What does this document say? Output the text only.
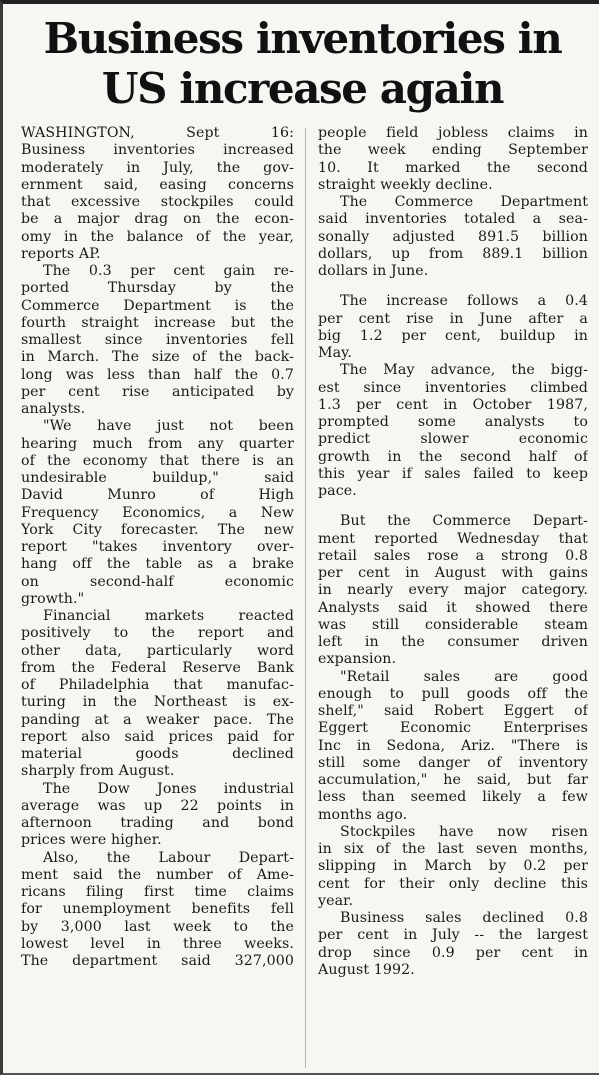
Business inventories in
US increase again
WASHINGTON, Sept 16:
Business inventories increased
moderately in July, the gov-
ernment said, easing concerns
that excessive stockpiles could
be a major drag on the econ-
omy in the balance of the year,
reports AP.
The 0.3 per cent gain re-
ported Thursday by the
Commerce Department is the
fourth straight increase but the
smallest since inventories fell
in March. The size of the back-
long was less than half the 0.7
per cent rise anticipated by
analysts.
"We have just not been
hearing much from any quarter
of the economy that there is an
undesirable buildup," said
David Munro of High
Frequency Economics, a New
York City forecaster. The new
report "takes inventory over-
hang off the table as a brake
on second-half economic
growth."
Financial markets reacted
positively to the report and
other data, particularly word
from the Federal Reserve Bank
of Philadelphia that manufac-
turing in the Northeast is ex-
panding at a weaker pace. The
report also said prices paid for
material goods declined
sharply from August.
The Dow Jones industrial
average was up 22 points in
afternoon trading and bond
prices were higher.
Also, the Labour Depart-
ment said the number of Ame-
ricans filing first time claims
for unemployment benefits fell
by 3,000 last week to the
lowest level in three weeks.
The department said 327,000
people field jobless claims in
the week ending September
10. It marked the second
straight weekly decline.
The Commerce Department
said inventories totaled a sea-
sonally adjusted 891.5 billion
dollars, up from 889.1 billion
dollars in June.
The increase follows a 0.4
per cent rise in June after a
big 1.2 per cent, buildup in
May.
The May advance, the bigg-
est since inventories climbed
1.3 per cent in October 1987,
prompted some analysts to
predict slower economic
growth in the second half of
this year if sales failed to keep
pace.
But the Commerce Depart-
ment reported Wednesday that
retail sales rose a strong 0.8
per cent in August with gains
in nearly every major category.
Analysts said it showed there
was still considerable steam
left in the consumer driven
expansion.
"Retail sales are good
enough to pull goods off the
shelf," said Robert Eggert of
Eggert Economic Enterprises
Inc in Sedona, Ariz. "There is
still some danger of inventory
accumulation," he said, but far
less than seemed likely a few
months ago.
Stockpiles have now risen
in six of the last seven months,
slipping in March by 0.2 per
cent for their only decline this
year.
Business sales declined 0.8
per cent in July -- the largest
drop since 0.9 per cent in
August 1992.
